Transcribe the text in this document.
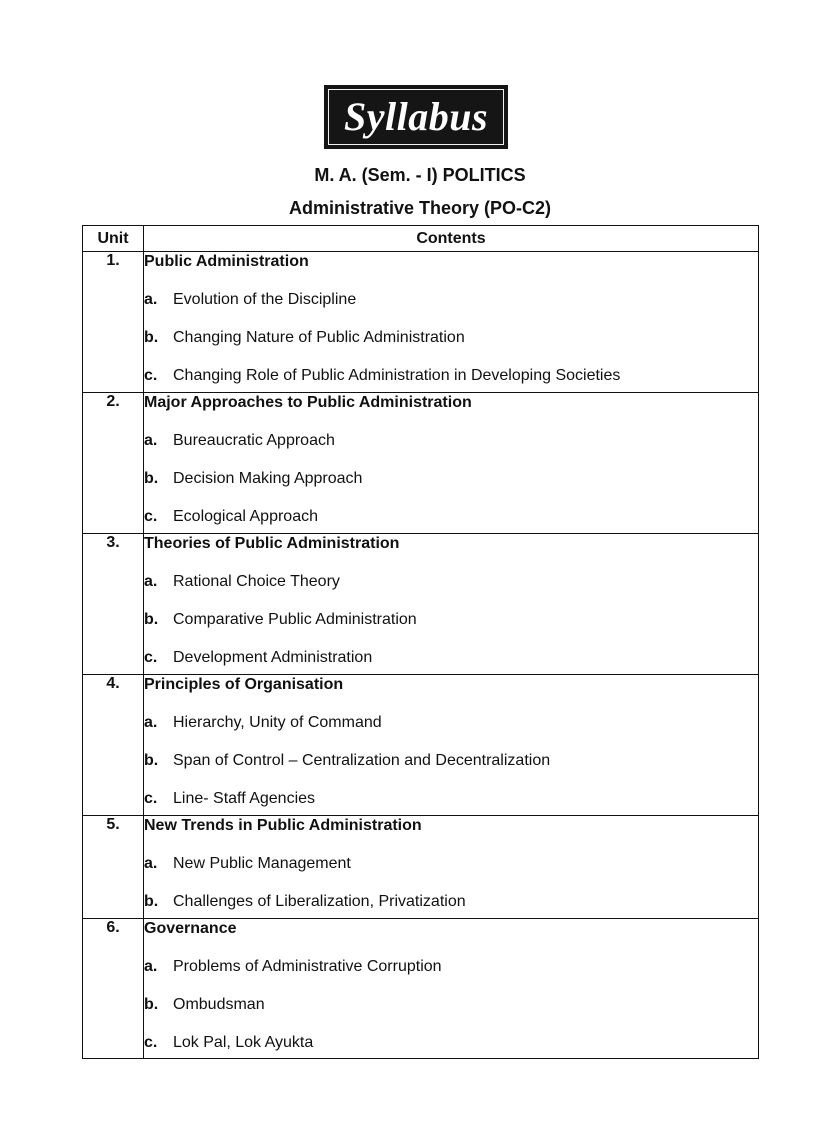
Syllabus
M. A. (Sem. - I) POLITICS
Administrative Theory (PO-C2)
Unit	Contents
1.	Public Administration
a. Evolution of the Discipline
b. Changing Nature of Public Administration
c. Changing Role of Public Administration in Developing Societies

2.	Major Approaches to Public Administration
a. Bureaucratic Approach
b. Decision Making Approach
c. Ecological Approach

3.	Theories of Public Administration
a. Rational Choice Theory
b. Comparative Public Administration
c. Development Administration

4.	Principles of Organisation
a. Hierarchy, Unity of Command
b. Span of Control – Centralization and Decentralization
c. Line- Staff Agencies

5.	New Trends in Public Administration
a. New Public Management
b. Challenges of Liberalization, Privatization

6.	Governance
a. Problems of Administrative Corruption
b. Ombudsman
c. Lok Pal, Lok Ayukta
